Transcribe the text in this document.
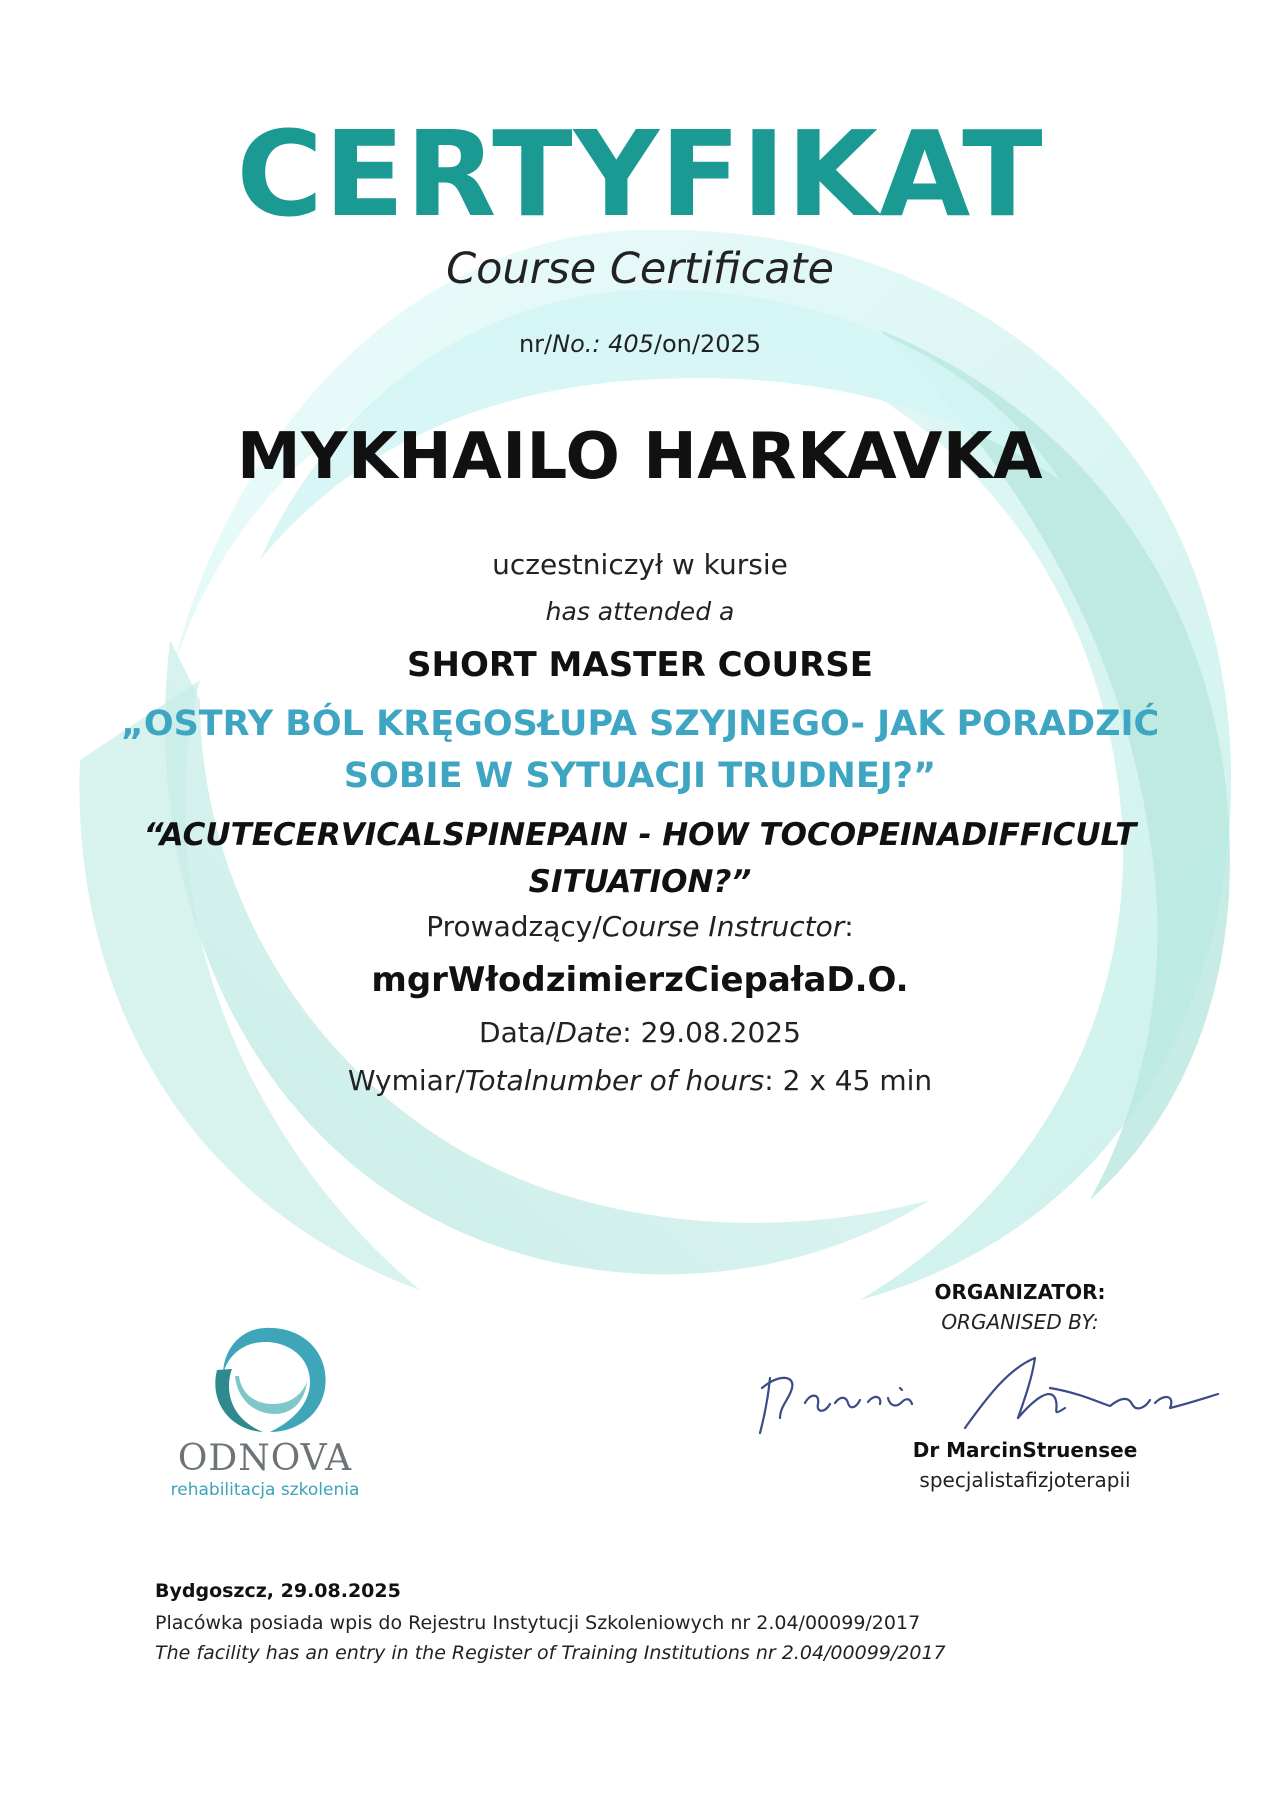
CERTYFIKAT
Course Certificate
nr/No.: 405/on/2025
MYKHAILO HARKAVKA
uczestniczył w kursie
has attended a
SHORT MASTER COURSE
„OSTRY BÓL KRĘGOSŁUPA SZYJNEGO- JAK PORADZIĆ
SOBIE W SYTUACJI TRUDNEJ?”
“ACUTECERVICALSPINEPAIN - HOW TOCOPEINADIFFICULT
SITUATION?”
Prowadzący/Course Instructor:
mgrWłodzimierzCiepałaD.O.
Data/Date: 29.08.2025
Wymiar/Totalnumber of hours: 2 x 45 min
ORGANIZATOR:
ORGANISED BY:
Dr MarcinStruensee
specjalistafizjoterapii
ODNOVA
rehabilitacja szkolenia
Bydgoszcz, 29.08.2025
Placówka posiada wpis do Rejestru Instytucji Szkoleniowych nr 2.04/00099/2017
The facility has an entry in the Register of Training Institutions nr 2.04/00099/2017
